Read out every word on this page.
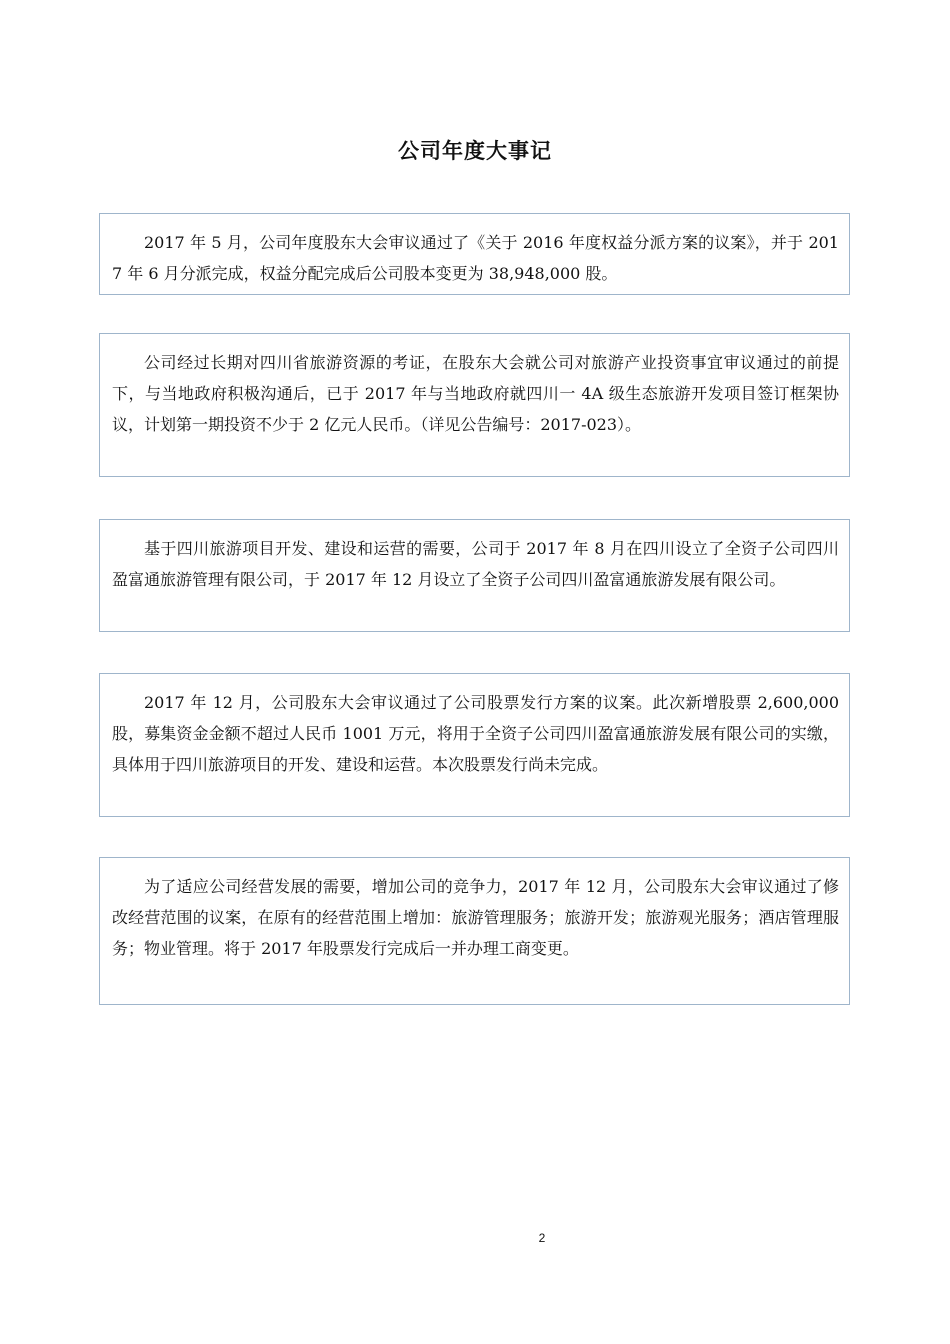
公司年度大事记

2017 年 5 月，公司年度股东大会审议通过了《关于 2016 年度权益分派方案的议案》，并于 2017 年 6 月分派完成，权益分配完成后公司股本变更为 38,948,000 股。

公司经过长期对四川省旅游资源的考证，在股东大会就公司对旅游产业投资事宜审议通过的前提下，与当地政府积极沟通后，已于 2017 年与当地政府就四川一 4A 级生态旅游开发项目签订框架协议，计划第一期投资不少于 2 亿元人民币。（详见公告编号：2017-023）。

基于四川旅游项目开发、建设和运营的需要，公司于 2017 年 8 月在四川设立了全资子公司四川盈富通旅游管理有限公司，于 2017 年 12 月设立了全资子公司四川盈富通旅游发展有限公司。

2017 年 12 月，公司股东大会审议通过了公司股票发行方案的议案。此次新增股票 2,600,000 股，募集资金金额不超过人民币 1001 万元，将用于全资子公司四川盈富通旅游发展有限公司的实缴，具体用于四川旅游项目的开发、建设和运营。本次股票发行尚未完成。

为了适应公司经营发展的需要，增加公司的竞争力，2017 年 12 月，公司股东大会审议通过了修改经营范围的议案，在原有的经营范围上增加：旅游管理服务；旅游开发；旅游观光服务；酒店管理服务；物业管理。将于 2017 年股票发行完成后一并办理工商变更。

2
